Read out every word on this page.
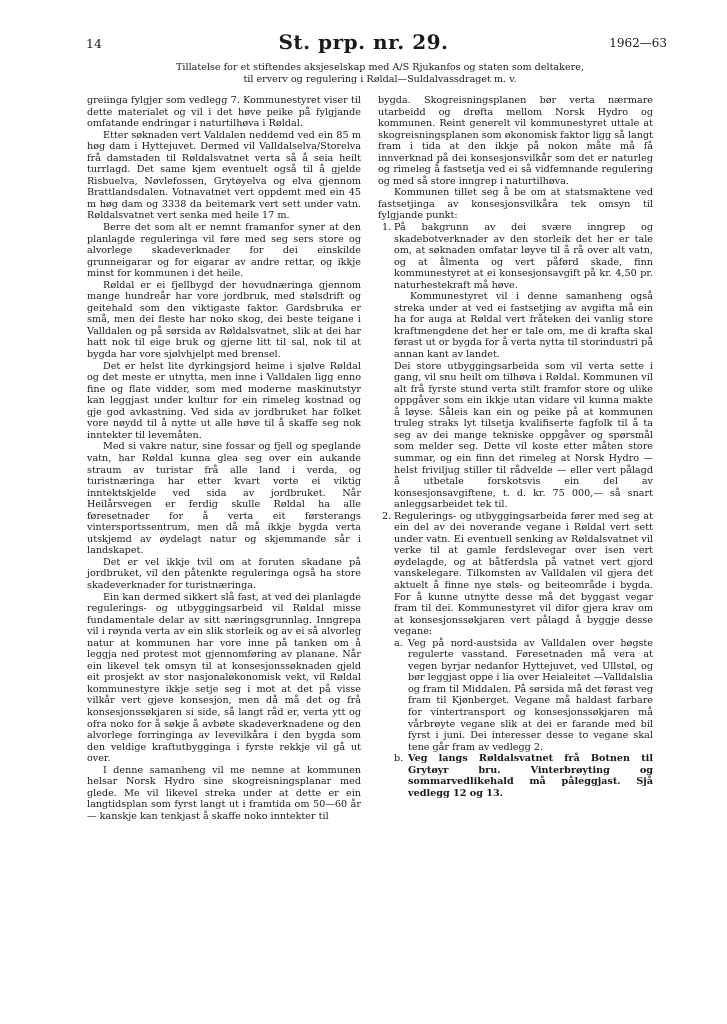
14	St. prp. nr. 29.	1962—63
Tillatelse for et stiftendes aksjeselskap med A/S Rjukanfos og staten som deltakere,
til erverv og regulering i Røldal—Suldalvassdraget m. v.

greiinga fylgjer som vedlegg 7. Kommunestyret viser til dette materialet og vil i det høve peike på fylgjande omfatande endringar i naturtilhøva i Røldal.

Etter søknaden vert Valdalen neddemd ved ein 85 m høg dam i Hyttejuvet. Dermed vil Valldalselva/Storelva frå damstaden til Røldalsvatnet verta så å seia heilt turrlagd. Det same kjem eventuelt også til å gjelde Risbuelva, Nøvlefossen, Grytøyelva og elva gjennom Brattlandsdalen. Votnavatnet vert oppdemt med ein 45 m høg dam og 3338 da beitemark vert sett under vatn. Røldalsvatnet vert senka med heile 17 m.

Berre det som alt er nemnt framanfor syner at den planlagde reguleringa vil føre med seg sers store og alvorlege skadeverknader for dei einskilde grunneigarar og for eigarar av andre rettar, og ikkje minst for kommunen i det heile.

Røldal er ei fjellbygd der hovudnæringa gjennom mange hundreår har vore jordbruk, med stølsdrift og geitehald som den viktigaste faktor. Gardsbruka er små, men dei fleste har noko skog, dei beste teigane i Valldalen og på sørsida av Røldalsvatnet, slik at dei har hatt nok til eige bruk og gjerne litt til sal, nok til at bygda har vore sjølvhjelpt med brensel.

Det er helst lite dyrkingsjord heime i sjølve Røldal og det meste er utnytta, men inne i Valldalen ligg enno fine og flate vidder, som med moderne maskinutstyr kan leggjast under kultur for ein rimeleg kostnad og gje god avkastning. Ved sida av jordbruket har folket vore nøydd til å nytte ut alle høve til å skaffe seg nok inntekter til levemåten.

Med si vakre natur, sine fossar og fjell og speglande vatn, har Røldal kunna glea seg over ein aukande straum av turistar frå alle land i verda, og turistnæringa har etter kvart vorte ei viktig inntektskjelde ved sida av jordbruket. Når Heilårsvegen er ferdig skulle Røldal ha alle føresetnader for å verta eit førsterangs vintersportssentrum, men då må ikkje bygda verta utskjemd av øydelagt natur og skjemmande sår i landskapet.

Det er vel ikkje tvil om at foruten skadane på jordbruket, vil den påtenkte reguleringa også ha store skadeverknader for turistnæringa.

Ein kan dermed sikkert slå fast, at ved dei planlagde regulerings- og utbyggingsarbeid vil Røldal misse fundamentale delar av sitt næringsgrunnlag. Inngrepa vil i røynda verta av ein slik storleik og av ei så alvorleg natur at kommunen har vore inne på tanken om å leggja ned protest mot gjennomføring av planane. Når ein likevel tek omsyn til at konsesjonssøknaden gjeld eit prosjekt av stor nasjonaløkonomisk vekt, vil Røldal kommunestyre ikkje setje seg i mot at det på visse vilkår vert gjeve konsesjon, men då må det og frå konsesjonssøkjaren si side, så langt råd er, verta ytt og ofra noko for å søkje å avbøte skadeverknadene og den alvorlege forringinga av levevilkåra i den bygda som den veldige kraftutbygginga i fyrste rekkje vil gå ut over.

I denne samanheng vil me nemne at kommunen helsar Norsk Hydro sine skogreisningsplanar med glede. Me vil likevel streka under at dette er ein langtidsplan som fyrst langt ut i framtida om 50—60 år — kanskje kan tenkjast å skaffe noko inntekter til

bygda. Skogreisningsplanen bør verta nærmare utarbeidd og drøfta mellom Norsk Hydro og kommunen. Reint generelt vil kommunestyret uttale at skogreisningsplanen som økonomisk faktor ligg så langt fram i tida at den ikkje på nokon måte må få innverknad på dei konsesjonsvilkår som det er naturleg og rimeleg å fastsetja ved ei så vidfemnande regulering og med så store inngrep i naturtilhøva.

Kommunen tillet seg å be om at statsmaktene ved fastsetjinga av konsesjonsvilkåra tek omsyn til fylgjande punkt:

1. På bakgrunn av dei svære inngrep og skadebotverknader av den storleik det her er tale om, at søknaden omfatar løyve til å rå over alt vatn, og at ålmenta og vert påførd skade, finn kommunestyret at ei konsesjonsavgift på kr. 4,50 pr. naturhestekraft må høve.

Kommunestyret vil i denne samanheng også streka under at ved ei fastsetjing av avgifta må ein ha for auga at Røldal vert fråteken dei vanlig store kraftmengdene det her er tale om, me di krafta skal førast ut or bygda for å verta nytta til storindustri på annan kant av landet.

Dei store utbyggingsarbeida som vil verta sette i gang, vil snu heilt om tilhøva i Røldal. Kommunen vil alt frå fyrste stund verta stilt framfor store og ulike oppgåver som ein ikkje utan vidare vil kunna makte å løyse. Såleis kan ein og peike på at kommunen truleg straks lyt tilsetja kvalifiserte fagfolk til å ta seg av dei mange tekniske oppgåver og spørsmål som melder seg. Dette vil koste etter måten store summar, og ein finn det rimeleg at Norsk Hydro — helst friviljug stiller til rådvelde — eller vert pålagd å utbetale forskotsvis ein del av konsesjonsavgiftene, t. d. kr. 75 000,— så snart anleggsarbeidet tek til.

2. Regulerings- og utbyggingsarbeida fører med seg at ein del av dei noverande vegane i Røldal vert sett under vatn. Ei eventuell senking av Røldalsvatnet vil verke til at gamle ferdslevegar over isen vert øydelagde, og at båtferdsla på vatnet vert gjord vanskelegare. Tilkomsten av Valldalen vil gjera det aktuelt å finne nye støls- og beiteområde i bygda. For å kunne utnytte desse må det byggast vegar fram til dei. Kommunestyret vil difor gjera krav om at konsesjonssøkjaren vert pålagd å byggje desse vegane:

a. Veg på nord-austsida av Valldalen over høgste regulerte vasstand. Føresetnaden må vera at vegen byrjar nedanfor Hyttejuvet, ved Ullstøl, og bør leggjast oppe i lia over Heialeitet —Valldalslia og fram til Middalen. På sørsida må det førast veg fram til Kjønberget. Vegane må haldast farbare for vintertransport og konsesjonssøkjaren må vårbrøyte vegane slik at dei er farande med bil fyrst i juni. Dei interesser desse to vegane skal tene går fram av vedlegg 2.

b. Veg langs Røldalsvatnet frå Botnen til Grytøyr bru. Vinterbrøyting og sommarvedlikehald må påleggjast. Sjå vedlegg 12 og 13.
